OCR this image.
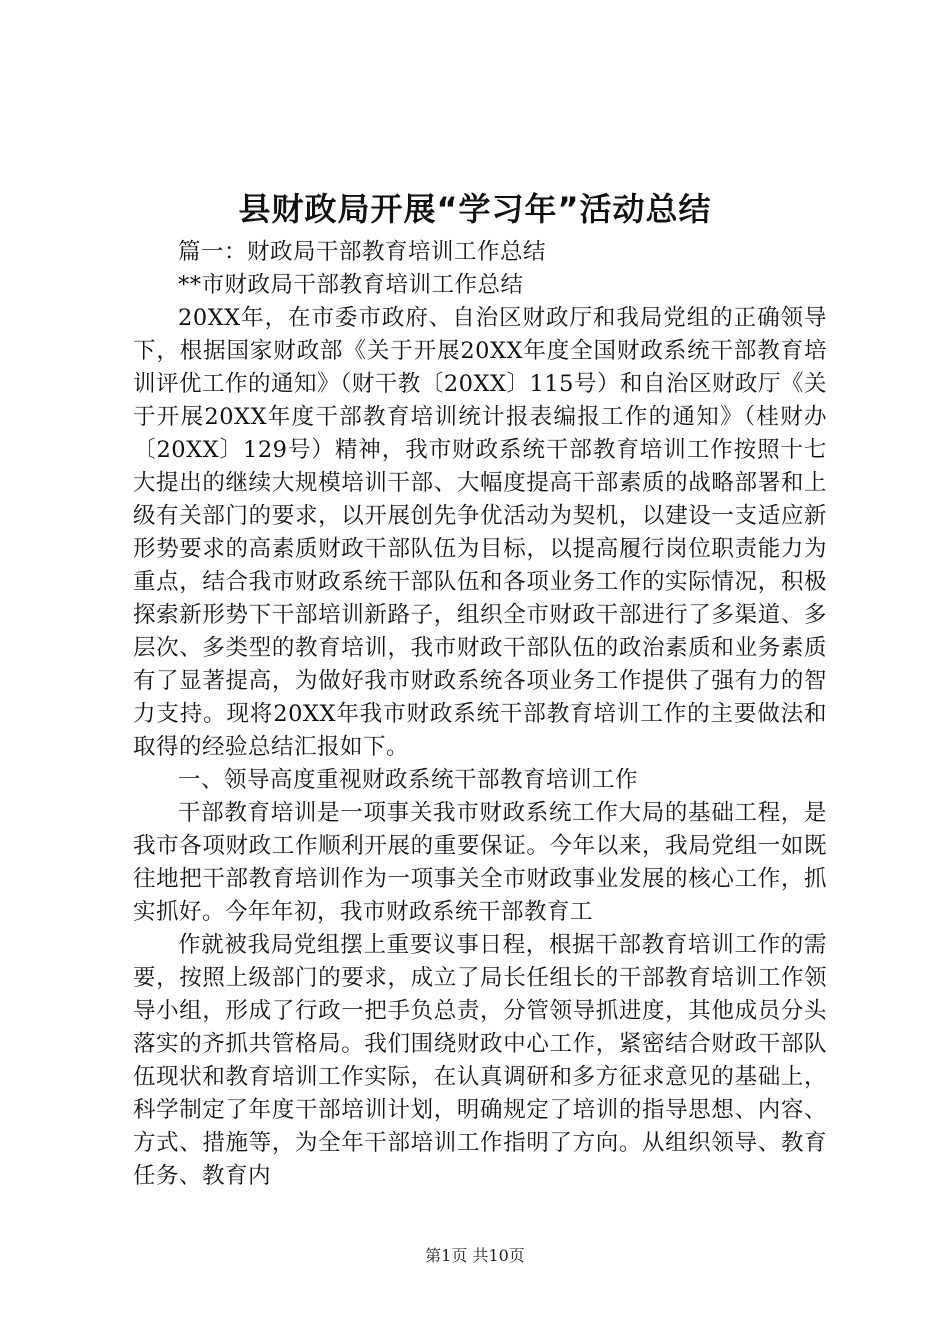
县财政局开展“学习年”活动总结

篇一：财政局干部教育培训工作总结

**市财政局干部教育培训工作总结

20XX年，在市委市政府、自治区财政厅和我局党组的正确领导下，根据国家财政部《关于开展20XX年度全国财政系统干部教育培训评优工作的通知》（财干教〔20XX〕115号）和自治区财政厅《关于开展20XX年度干部教育培训统计报表编报工作的通知》（桂财办〔20XX〕129号）精神，我市财政系统干部教育培训工作按照十七大提出的继续大规模培训干部、大幅度提高干部素质的战略部署和上级有关部门的要求，以开展创先争优活动为契机，以建设一支适应新形势要求的高素质财政干部队伍为目标，以提高履行岗位职责能力为重点，结合我市财政系统干部队伍和各项业务工作的实际情况，积极探索新形势下干部培训新路子，组织全市财政干部进行了多渠道、多层次、多类型的教育培训，我市财政干部队伍的政治素质和业务素质有了显著提高，为做好我市财政系统各项业务工作提供了强有力的智力支持。现将20XX年我市财政系统干部教育培训工作的主要做法和取得的经验总结汇报如下。

一、领导高度重视财政系统干部教育培训工作

干部教育培训是一项事关我市财政系统工作大局的基础工程，是我市各项财政工作顺利开展的重要保证。今年以来，我局党组一如既往地把干部教育培训作为一项事关全市财政事业发展的核心工作，抓实抓好。今年年初，我市财政系统干部教育工

作就被我局党组摆上重要议事日程，根据干部教育培训工作的需要，按照上级部门的要求，成立了局长任组长的干部教育培训工作领导小组，形成了行政一把手负总责，分管领导抓进度，其他成员分头落实的齐抓共管格局。我们围绕财政中心工作，紧密结合财政干部队伍现状和教育培训工作实际，在认真调研和多方征求意见的基础上，科学制定了年度干部培训计划，明确规定了培训的指导思想、内容、方式、措施等，为全年干部培训工作指明了方向。从组织领导、教育任务、教育内

第1页 共10页
